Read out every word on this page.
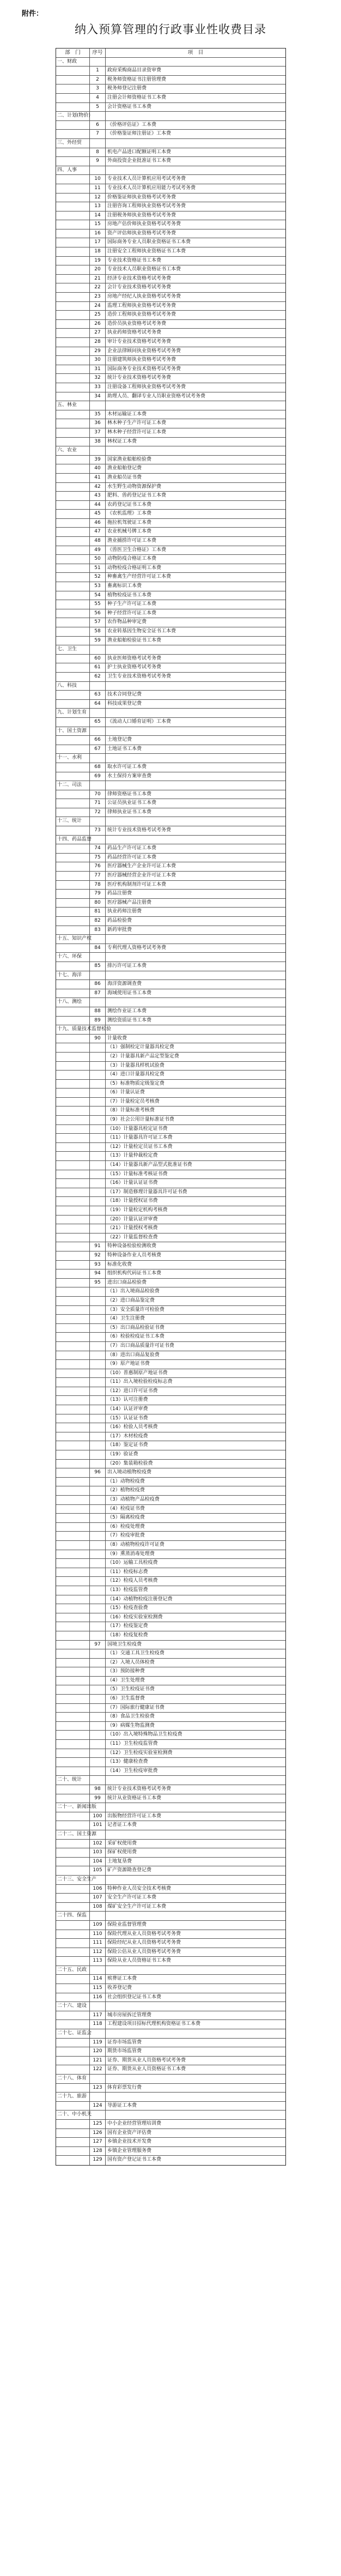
附件：
纳入预算管理的行政事业性收费目录
部　门	序号	项　目
一、财政
1	政府采购商品目录资审费
2	税务师资格证书注册管理费
3	税务师登记注册费
4	注册会计师资格证书工本费
5	会计资格证书工本费
二、计划(物价)
6	《价格评估证》工本费
7	《价格鉴证师注册证》工本费
三、外经贸
8	机电产品进口配额证明工本费
9	外商投资企业批准证书工本费
四、人事
10	专业技术人员计算机应用考试考务费
11	专业技术人员计算机应用能力考试考务费
12	价格鉴证师执业资格考试考务费
13	注册咨询工程师执业资格考试考务费
14	注册税务师执业资格考试考务费
15	房地产估价师执业资格考试考务费
16	资产评估师执业资格考试考务费
17	国际商务专业人员职业资格证书工本费
18	注册安全工程师执业资格证书工本费
19	专业技术资格证书工本费
20	专业技术人员职业资格证书工本费
21	经济专业技术资格考试考务费
22	会计专业技术资格考试考务费
23	房地产经纪人执业资格考试考务费
24	监理工程师执业资格考试考务费
25	造价工程师执业资格考试考务费
26	造价员执业资格考试考务费
27	执业药师资格考试考务费
28	审计专业技术资格考试考务费
29	企业法律顾问执业资格考试考务费
30	注册建筑师执业资格考试考务费
31	国际商务专业技术资格考试考务费
32	统计专业技术资格考试考务费
33	注册设备工程师执业资格考试考务费
34	助理人员、翻译专业人员职业资格考试考务费
五、林业
35	木材运输证工本费
36	林木种子生产许可证工本费
37	林木种子经营许可证工本费
38	林权证工本费
六、农业
39	国家渔业船舶检验费
40	渔业船舶登记费
41	渔业船员证书费
42	水生野生动物资源保护费
43	肥料、兽药登记证书工本费
44	农药登记证书工本费
45	《农机监理》工本费
46	拖拉机驾驶证工本费
47	农业机械号牌工本费
48	渔业捕捞许可证工本费
49	《兽医卫生合格证》工本费
50	动物防疫合格证工本费
51	动物检疫合格证明工本费
52	种畜禽生产经营许可证工本费
53	畜禽标识工本费
54	植物检疫证书工本费
55	种子生产许可证工本费
56	种子经营许可证工本费
57	农作物品种审定费
58	农业转基因生物安全证书工本费
59	渔业船舶检验证书工本费
七、卫生
60	执业医师资格考试考务费
61	护士执业资格考试考务费
62	卫生专业技术资格考试考务费
八、科技
63	技术合同登记费
64	科技成果登记费
九、计划生育
65	《流动人口婚育证明》工本费
十、国土资源
66	土地登记费
67	土地证书工本费
十一、水利
68	取水许可证工本费
69	水土保持方案审查费
十二、司法
70	律师资格证书工本费
71	公证员执业证书工本费
72	律师执业证书工本费
十三、统计
73	统计专业技术资格考试考务费
十四、药品监督
74	药品生产许可证工本费
75	药品经营许可证工本费
76	医疗器械生产企业许可证工本费
77	医疗器械经营企业许可证工本费
78	医疗机构制剂许可证工本费
79	药品注册费
80	医疗器械产品注册费
81	执业药师注册费
82	药品检验费
83	新药审批费
十五、知识产权
84	专利代理人资格考试考务费
十六、环保
85	排污许可证工本费
十七、海洋
86	海洋资源调查费
87	海域使用证书工本费
十八、测绘
88	测绘作业证工本费
89	测绘资质证书工本费
十九、质量技术监督检验
90	计量收费
（1）强制检定计量器具检定费
（2）计量器具新产品定型鉴定费
（3）计量器具样机试验费
（4）进口计量器具检定费
（5）标准物质定级鉴定费
（6）计量认证费
（7）计量检定员考核费
（8）计量标准考核费
（9）社会公用计量标准证书费
（10）计量器具检定证书费
（11）计量器具许可证工本费
（12）计量检定员证书工本费
（13）计量仲裁检定费
（14）计量器具新产品型式批准证书费
（15）计量标准考核证书费
（16）计量认证证书费
（17）制造修理计量器具许可证书费
（18）计量授权证书费
（19）计量检定机构考核费
（20）计量认证评审费
（21）计量授权考核费
（22）计量监督检查费
91	特种设备检验检测收费
92	特种设备作业人员考核费
93	标准化收费
94	组织机构代码证书工本费
95	进出口商品检验费
（1）出入境商品检验费
（2）进口商品鉴定费
（3）安全质量许可检验费
（4）卫生注册费
（5）出口商品检验证书费
（6）检验检疫证书工本费
（7）出口商品质量许可证书费
（8）进出口商品复验费
（9）原产地证书费
（10）普惠制原产地证书费
（11）出入境检验检疫标志费
（12）进口许可证书费
（13）认可注册费
（14）认证评审费
（15）认证证书费
（16）检验人员考核费
（17）木材检疫费
（18）鉴定证书费
（19）验证费
（20）集装箱检验费
96	出入境动植物检疫费
（1）动物检疫费
（2）植物检疫费
（3）动植物产品检疫费
（4）检疫证书费
（5）隔离检疫费
（6）检疫处理费
（7）检疫审批费
（8）动植物检疫许可证费
（9）熏蒸消毒处理费
（10）运输工具检疫费
（11）检疫标志费
（12）检疫人员考核费
（13）检疫监管费
（14）动植物检疫注册登记费
（15）检疫查验费
（16）检疫实验室检测费
（17）检疫鉴定费
（18）检疫复检费
97	国境卫生检疫费
（1）交通工具卫生检疫费
（2）入境人员体检费
（3）预防接种费
（4）卫生处理费
（5）卫生检疫证书费
（6）卫生监督费
（7）国际旅行健康证书费
（8）食品卫生检验费
（9）病媒生物监测费
（10）出入境特殊物品卫生检疫费
（11）卫生检疫监管费
（12）卫生检疫实验室检测费
（13）健康检查费
（14）卫生检疫审批费
二十、统计
98	统计专业技术资格考试考务费
99	统计从业资格证书工本费
二十一、新闻出版
100	出版物经营许可证工本费
101	记者证工本费
二十二、国土资源
102	采矿权使用费
103	探矿权使用费
104	土地复垦费
105	矿产资源勘查登记费
二十三、安全生产
106	特种作业人员安全技术考核费
107	安全生产许可证工本费
108	煤矿安全生产许可证工本费
二十四、保监
109	保险业监督管理费
110	保险代理从业人员资格考试考务费
111	保险经纪从业人员资格考试考务费
112	保险公估从业人员资格考试考务费
113	保险从业人员资格证书工本费
二十五、民政
114	殡葬证工本费
115	收养登记费
116	社会组织登记证书工本费
二十六、建设
117	城市房屋拆迁管理费
118	工程建设项目招标代理机构资格证书工本费
二十七、证监会
119	证券市场监管费
120	期货市场监管费
121	证券、期货从业人员资格考试考务费
122	证券、期货从业人员资格证书工本费
二十八、体育
123	体育彩票发行费
二十九、旅游
124	导游证工本费
二十、中小机关
125	中小企业经营管理培训费
126	国有企业资产评估费
127	乡镇企业技术开发费
128	乡镇企业管理服务费
129	国有资产登记证书工本费
